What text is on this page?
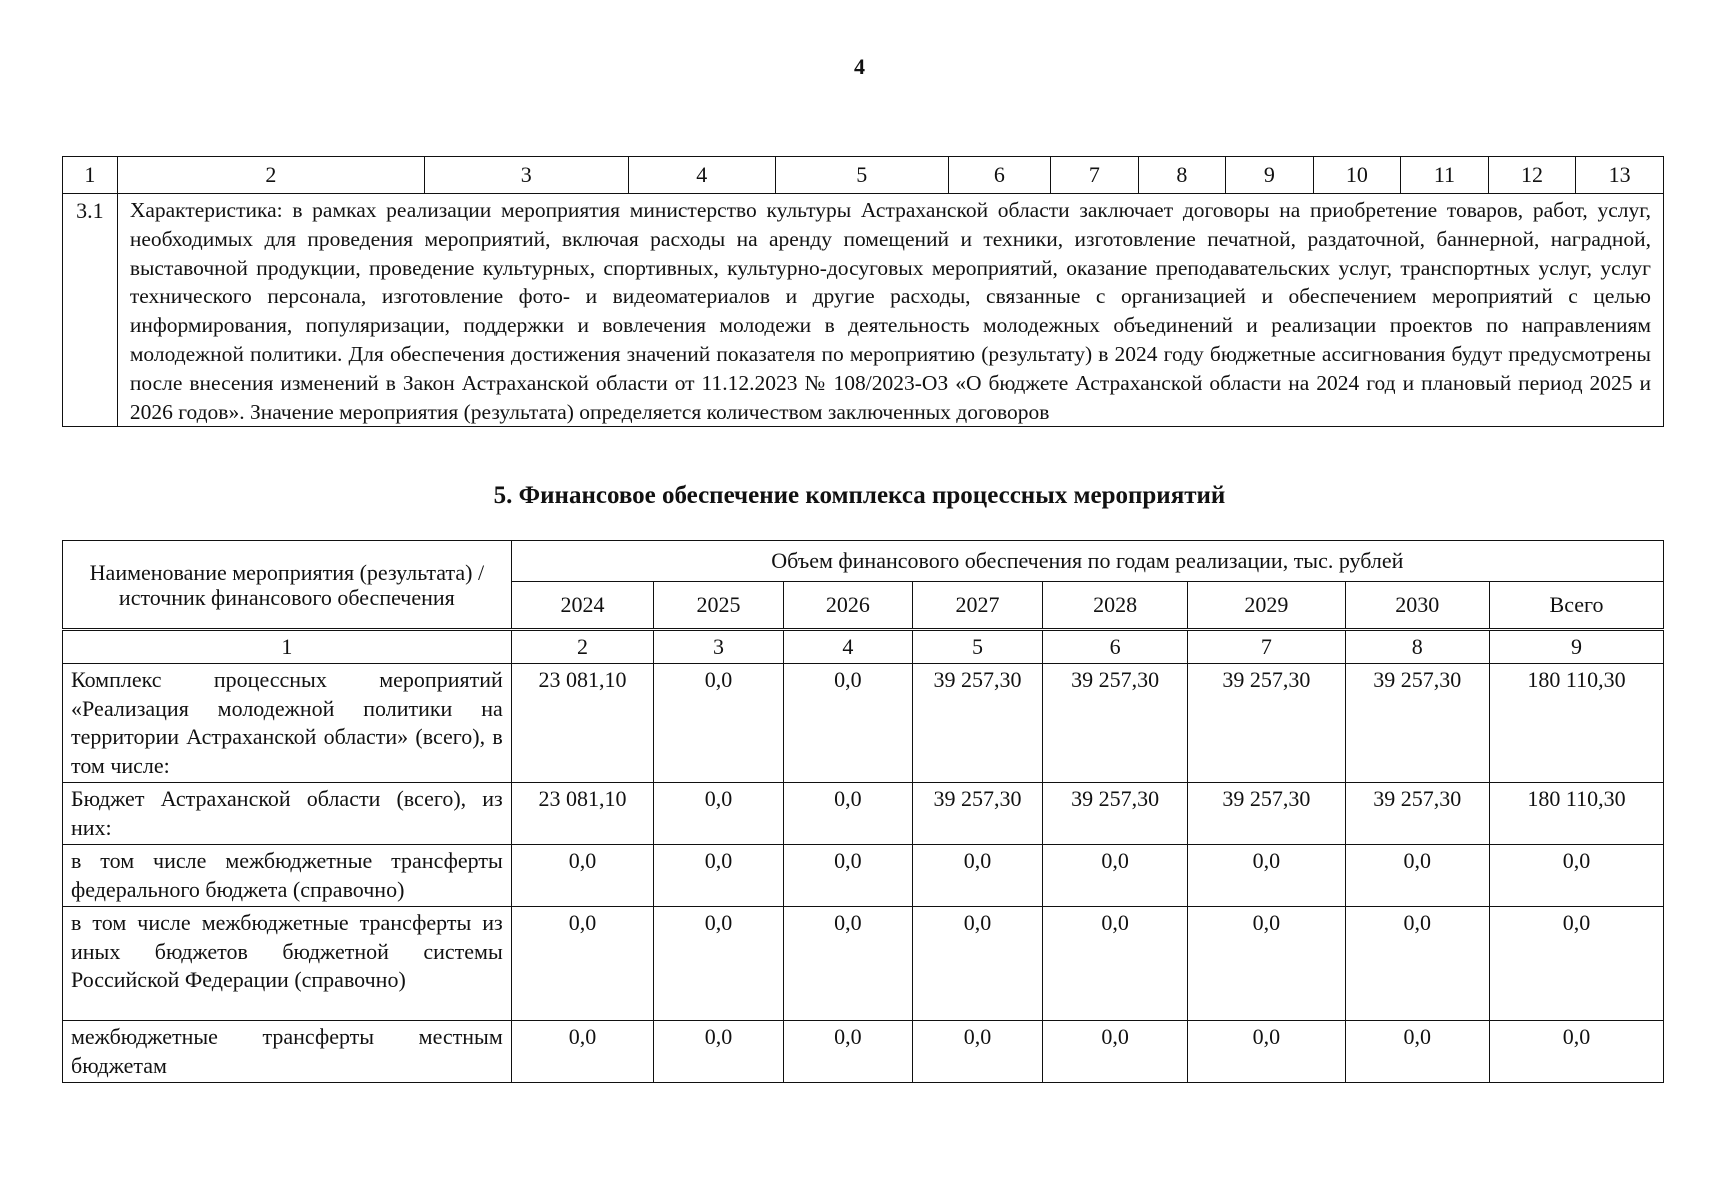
4
1	2	3	4	5	6	7	8	9	10	11	12	13
3.1	Характеристика: в рамках реализации мероприятия министерство культуры Астраханской области заключает договоры на приобретение товаров, работ, услуг, необходимых для проведения мероприятий, включая расходы на аренду помещений и техники, изготовление печатной, раздаточной, баннерной, наградной, выставочной продукции, проведение культурных, спортивных, культурно-досуговых мероприятий, оказание преподавательских услуг, транспортных услуг, услуг технического персонала, изготовление фото- и видеоматериалов и другие расходы, связанные с организацией и обеспечением мероприятий с целью информирования, популяризации, поддержки и вовлечения молодежи в деятельность молодежных объединений и реализации проектов по направлениям молодежной политики. Для обеспечения достижения значений показателя по мероприятию (результату) в 2024 году бюджетные ассигнования будут предусмотрены после внесения изменений в Закон Астраханской области от 11.12.2023 № 108/2023-ОЗ «О бюджете Астраханской области на 2024 год и плановый период 2025 и 2026 годов». Значение мероприятия (результата) определяется количеством заключенных договоров											
5. Финансовое обеспечение комплекса процессных мероприятий
Наименование мероприятия (результата) / источник финансового обеспечения	Объем финансового обеспечения по годам реализации, тыс. рублей							
	2024	2025	2026	2027	2028	2029	2030	Всего
1	2	3	4	5	6	7	8	9
Комплекс процессных мероприятий «Реализация молодежной политики на территории Астраханской области» (всего), в том числе:	23 081,10	0,0	0,0	39 257,30	39 257,30	39 257,30	39 257,30	180 110,30
Бюджет Астраханской области (всего), из них:	23 081,10	0,0	0,0	39 257,30	39 257,30	39 257,30	39 257,30	180 110,30
в том числе межбюджетные трансферты федерального бюджета (справочно)	0,0	0,0	0,0	0,0	0,0	0,0	0,0	0,0
в том числе межбюджетные трансферты из иных бюджетов бюджетной системы Российской Федерации (справочно)	0,0	0,0	0,0	0,0	0,0	0,0	0,0	0,0
межбюджетные трансферты местным бюджетам	0,0	0,0	0,0	0,0	0,0	0,0	0,0	0,0
